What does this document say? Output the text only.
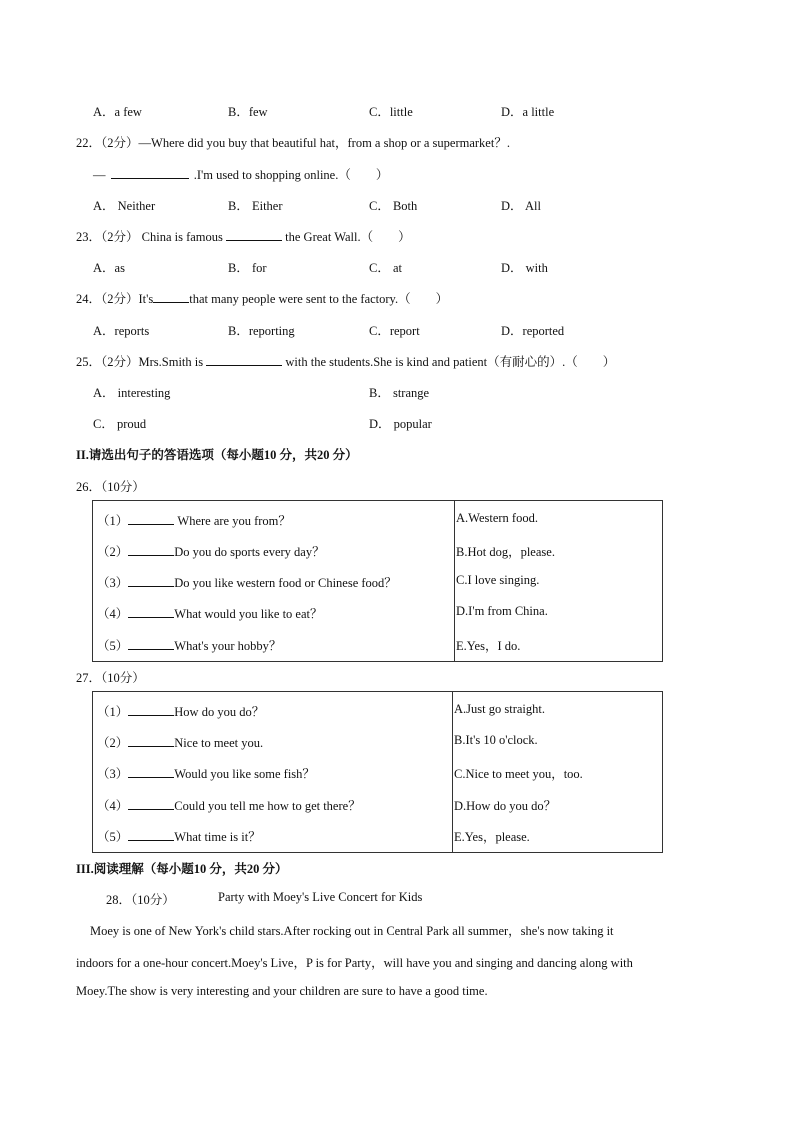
A．a few	B．few	C．little	D．a little
22．（2分）—Where did you buy that beautiful hat，from a shop or a supermarket？.
—	.I'm used to shopping online.（　　）
A． Neither	B． Either	C． Both	D． All
23．（2分） China is famous	the Great Wall.（　　）
A．as	B． for	C． at	D． with
24．（2分）It's	that many people were sent to the factory.（　　）
A．reports	B．reporting	C．report	D．reported
25．（2分）Mrs.Smith is	with the students.She is kind and patient（有耐心的）.（　　）
A． interesting	B． strange
C． proud	D． popular
II.请选出句子的答语选项（每小题10 分，共20 分）
26．（10分）
（1）	Where are you from？
（2）	Do you do sports every day？
（3）	Do you like western food or Chinese food？
（4）	What would you like to eat？
（5）	What's your hobby？
A.Western food.
B.Hot dog，please.
C.I love singing.
D.I'm from China.
E.Yes，I do.
27．（10分）
（1）	How do you do？
（2）	Nice to meet you.
（3）	Would you like some fish？
（4）	Could you tell me how to get there？
（5）	What time is it？
A.Just go straight.
B.It's 10 o'clock.
C.Nice to meet you，too.
D.How do you do？
E.Yes，please.
III.阅读理解（每小题10 分，共20 分）
28．（10分）	Party with Moey's Live Concert for Kids
Moey is one of New York's child stars.After rocking out in Central Park all summer，she's now taking it
indoors for a one-hour concert.Moey's Live，P is for Party，will have you and singing and dancing along with
Moey.The show is very interesting and your children are sure to have a good time.
